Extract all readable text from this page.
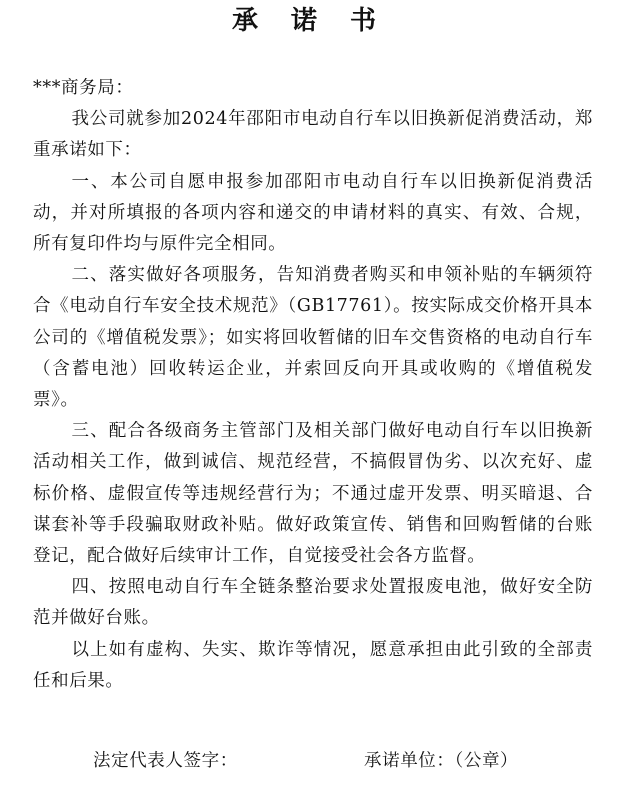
承 诺 书

***商务局：

我公司就参加2024年邵阳市电动自行车以旧换新促消费活动，郑重承诺如下：

一、本公司自愿申报参加邵阳市电动自行车以旧换新促消费活动，并对所填报的各项内容和递交的申请材料的真实、有效、合规，所有复印件均与原件完全相同。

二、落实做好各项服务，告知消费者购买和申领补贴的车辆须符合《电动自行车安全技术规范》（GB17761）。按实际成交价格开具本公司的《增值税发票》；如实将回收暂储的旧车交售资格的电动自行车（含蓄电池）回收转运企业，并索回反向开具或收购的《增值税发票》。

三、配合各级商务主管部门及相关部门做好电动自行车以旧换新活动相关工作，做到诚信、规范经营，不搞假冒伪劣、以次充好、虚标价格、虚假宣传等违规经营行为；不通过虚开发票、明买暗退、合谋套补等手段骗取财政补贴。做好政策宣传、销售和回购暂储的台账登记，配合做好后续审计工作，自觉接受社会各方监督。

四、按照电动自行车全链条整治要求处置报废电池，做好安全防范并做好台账。

以上如有虚构、失实、欺诈等情况，愿意承担由此引致的全部责任和后果。

法定代表人签字：	承诺单位：（公章）
